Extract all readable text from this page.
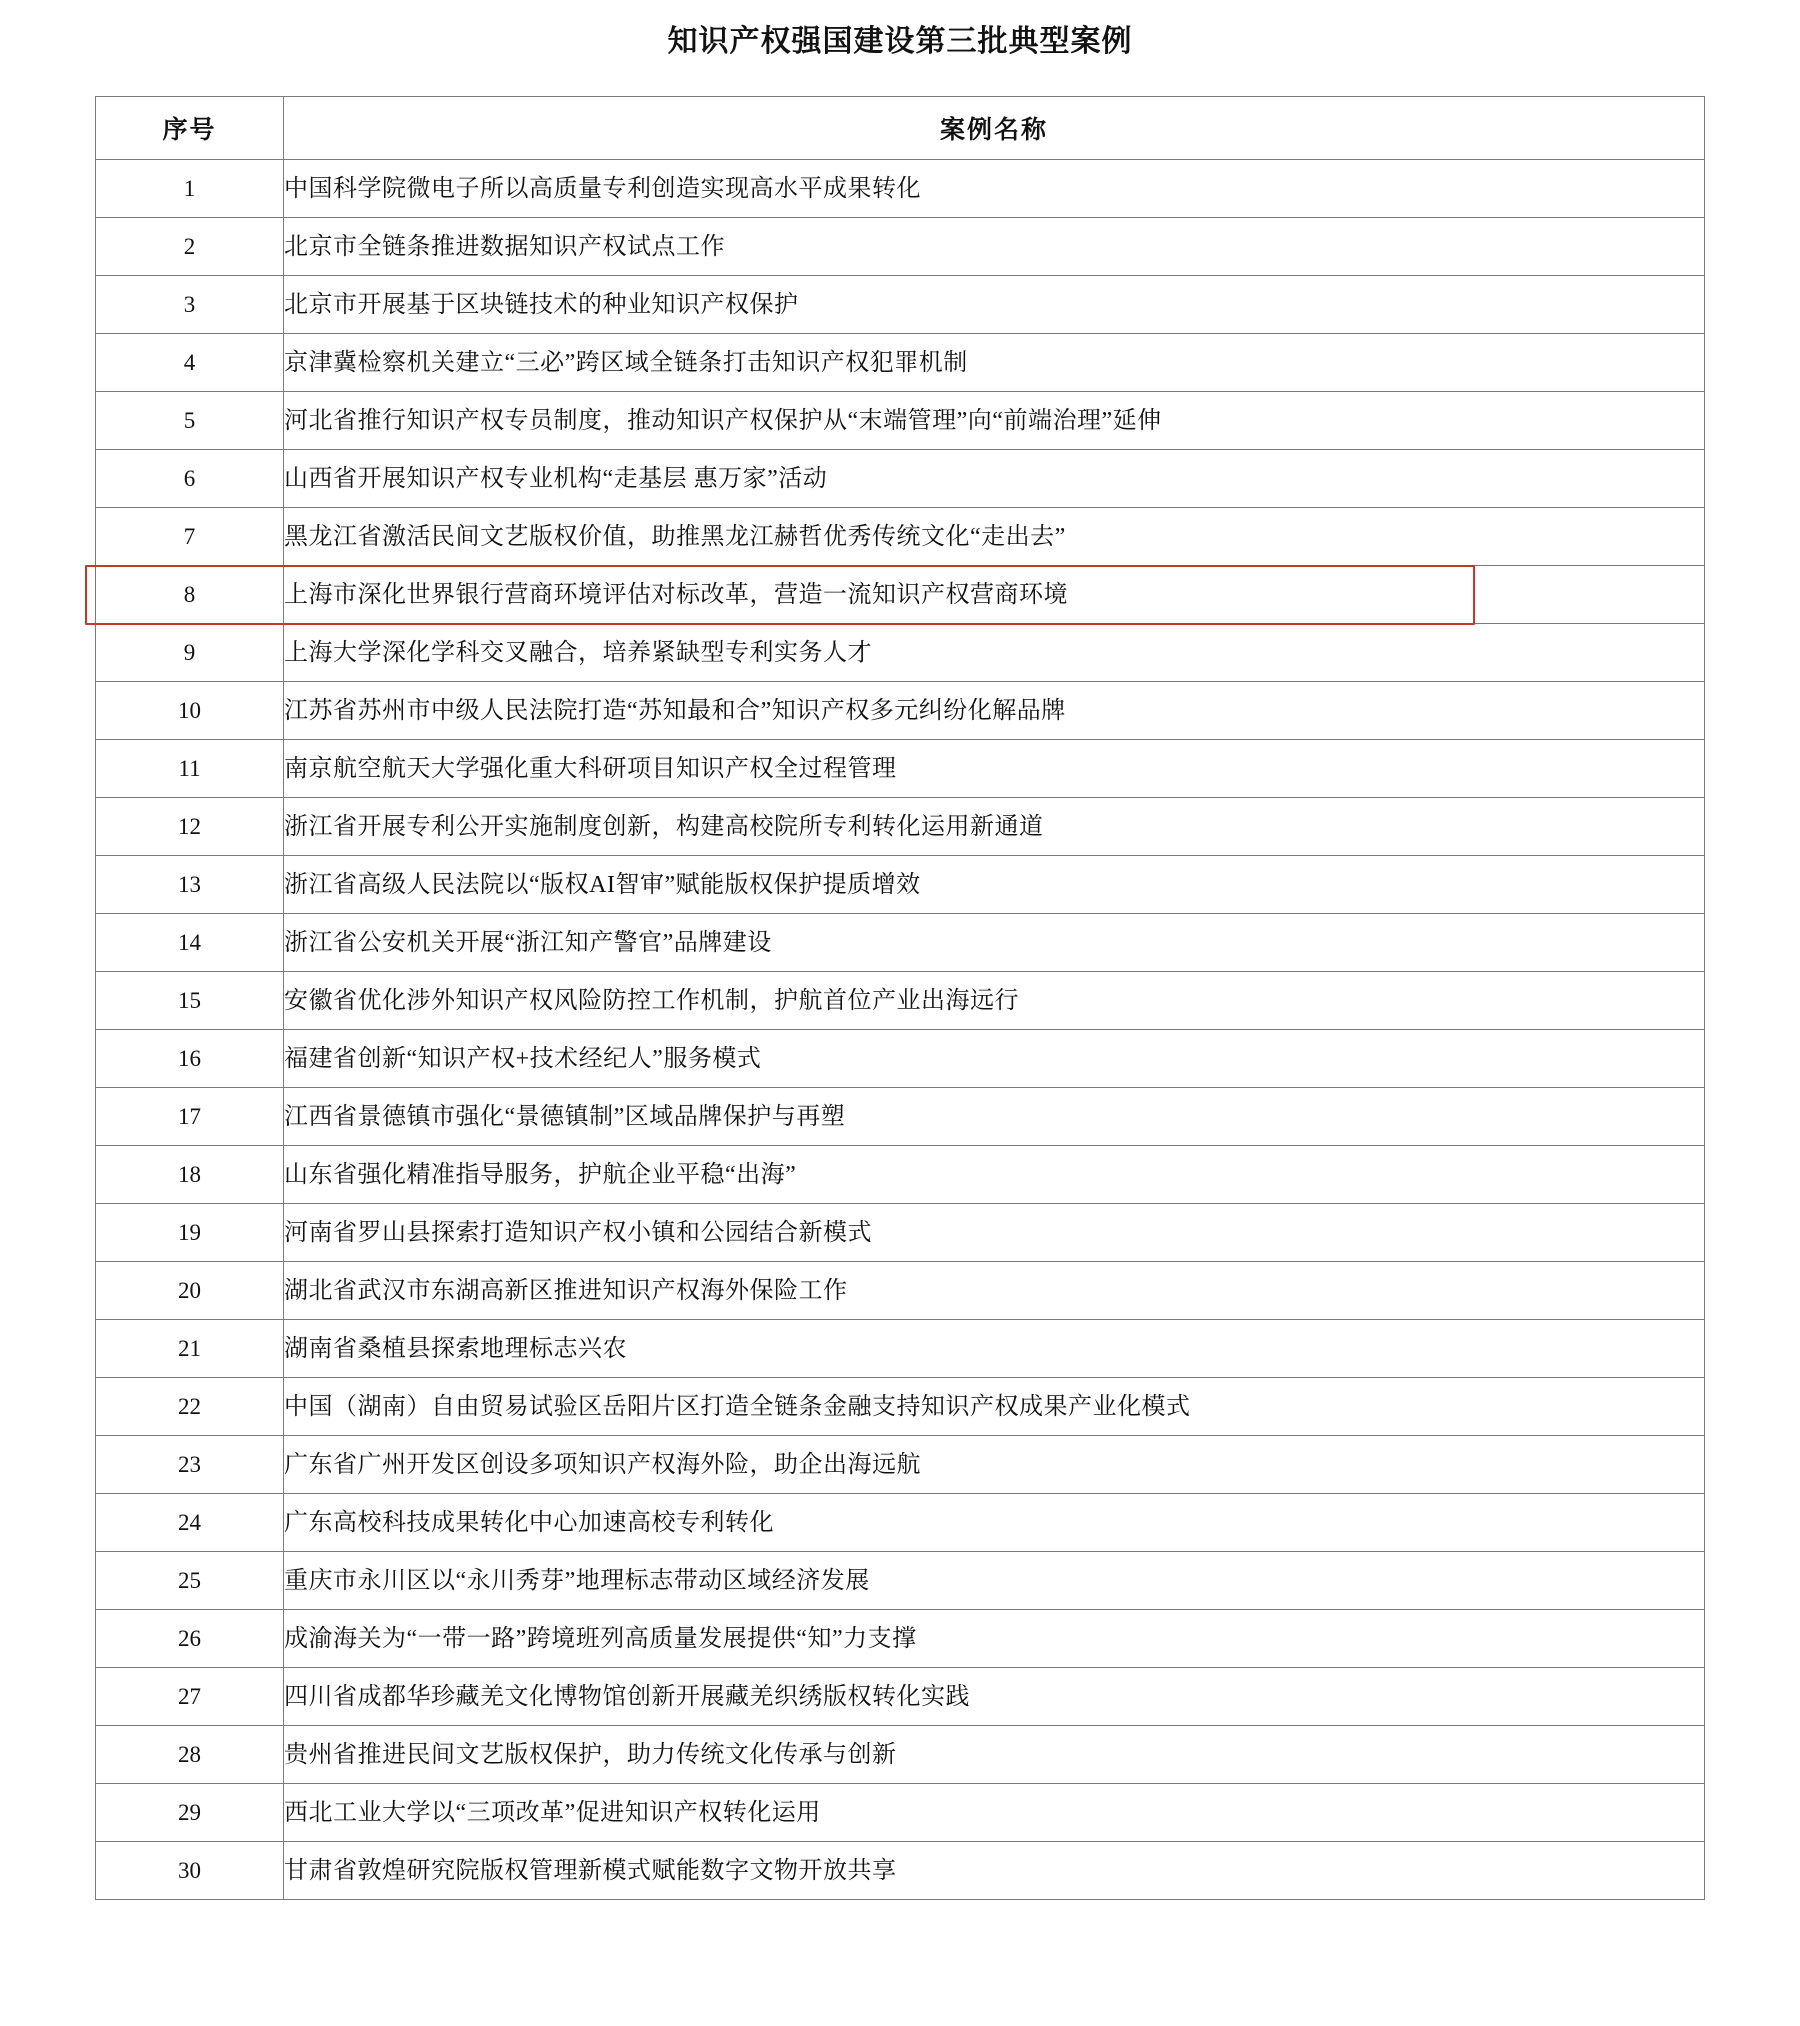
知识产权强国建设第三批典型案例
序号	案例名称
1	中国科学院微电子所以高质量专利创造实现高水平成果转化
2	北京市全链条推进数据知识产权试点工作
3	北京市开展基于区块链技术的种业知识产权保护
4	京津冀检察机关建立“三必”跨区域全链条打击知识产权犯罪机制
5	河北省推行知识产权专员制度，推动知识产权保护从“末端管理”向“前端治理”延伸
6	山西省开展知识产权专业机构“走基层 惠万家”活动
7	黑龙江省激活民间文艺版权价值，助推黑龙江赫哲优秀传统文化“走出去”
8	上海市深化世界银行营商环境评估对标改革，营造一流知识产权营商环境
9	上海大学深化学科交叉融合，培养紧缺型专利实务人才
10	江苏省苏州市中级人民法院打造“苏知最和合”知识产权多元纠纷化解品牌
11	南京航空航天大学强化重大科研项目知识产权全过程管理
12	浙江省开展专利公开实施制度创新，构建高校院所专利转化运用新通道
13	浙江省高级人民法院以“版权AI智审”赋能版权保护提质增效
14	浙江省公安机关开展“浙江知产警官”品牌建设
15	安徽省优化涉外知识产权风险防控工作机制，护航首位产业出海远行
16	福建省创新“知识产权+技术经纪人”服务模式
17	江西省景德镇市强化“景德镇制”区域品牌保护与再塑
18	山东省强化精准指导服务，护航企业平稳“出海”
19	河南省罗山县探索打造知识产权小镇和公园结合新模式
20	湖北省武汉市东湖高新区推进知识产权海外保险工作
21	湖南省桑植县探索地理标志兴农
22	中国（湖南）自由贸易试验区岳阳片区打造全链条金融支持知识产权成果产业化模式
23	广东省广州开发区创设多项知识产权海外险，助企出海远航
24	广东高校科技成果转化中心加速高校专利转化
25	重庆市永川区以“永川秀芽”地理标志带动区域经济发展
26	成渝海关为“一带一路”跨境班列高质量发展提供“知”力支撑
27	四川省成都华珍藏羌文化博物馆创新开展藏羌织绣版权转化实践
28	贵州省推进民间文艺版权保护，助力传统文化传承与创新
29	西北工业大学以“三项改革”促进知识产权转化运用
30	甘肃省敦煌研究院版权管理新模式赋能数字文物开放共享
